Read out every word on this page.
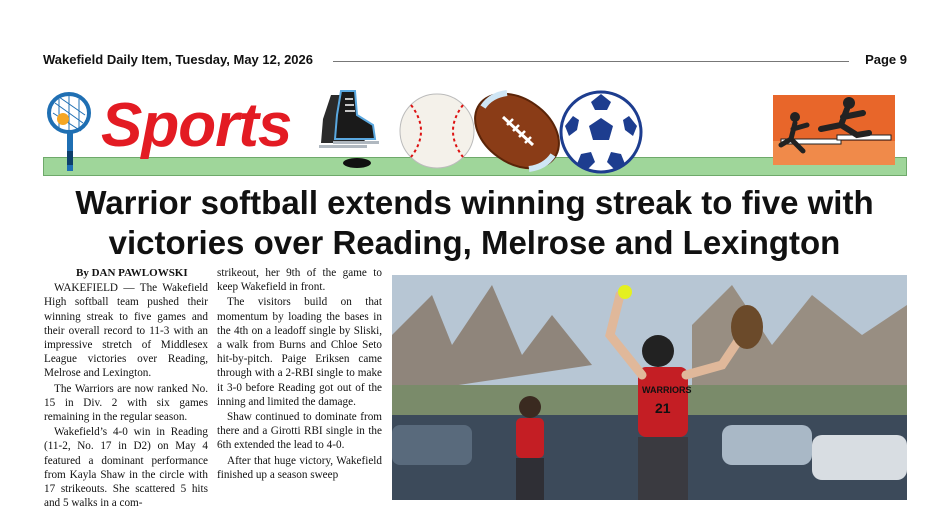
Wakefield Daily Item, Tuesday, May 12, 2026	Page 9
Sports
Warrior softball extends winning streak to five with
victories over Reading, Melrose and Lexington

By DAN PAWLOWSKI

WAKEFIELD — The Wakefield High softball team pushed their winning streak to five games and their overall record to 11-3 with an impressive stretch of Middlesex League victories over Reading, Melrose and Lexington.

The Warriors are now ranked No. 15 in Div. 2 with six games remaining in the regular season.

Wakefield’s 4-0 win in Reading (11-2, No. 17 in D2) on May 4 featured a dominant performance from Kayla Shaw in the circle with 17 strikeouts. She scattered 5 hits and 5 walks in a com-

strikeout, her 9th of the game to keep Wakefield in front.

The visitors build on that momentum by loading the bases in the 4th on a leadoff single by Sliski, a walk from Burns and Chloe Seto hit-by-pitch. Paige Eriksen came through with a 2-RBI single to make it 3-0 before Reading got out of the inning and limited the damage.

Shaw continued to dominate from there and a Girotti RBI single in the 6th extended the lead to 4-0.

After that huge victory, Wakefield finished up a season sweep

WARRIORS
21
